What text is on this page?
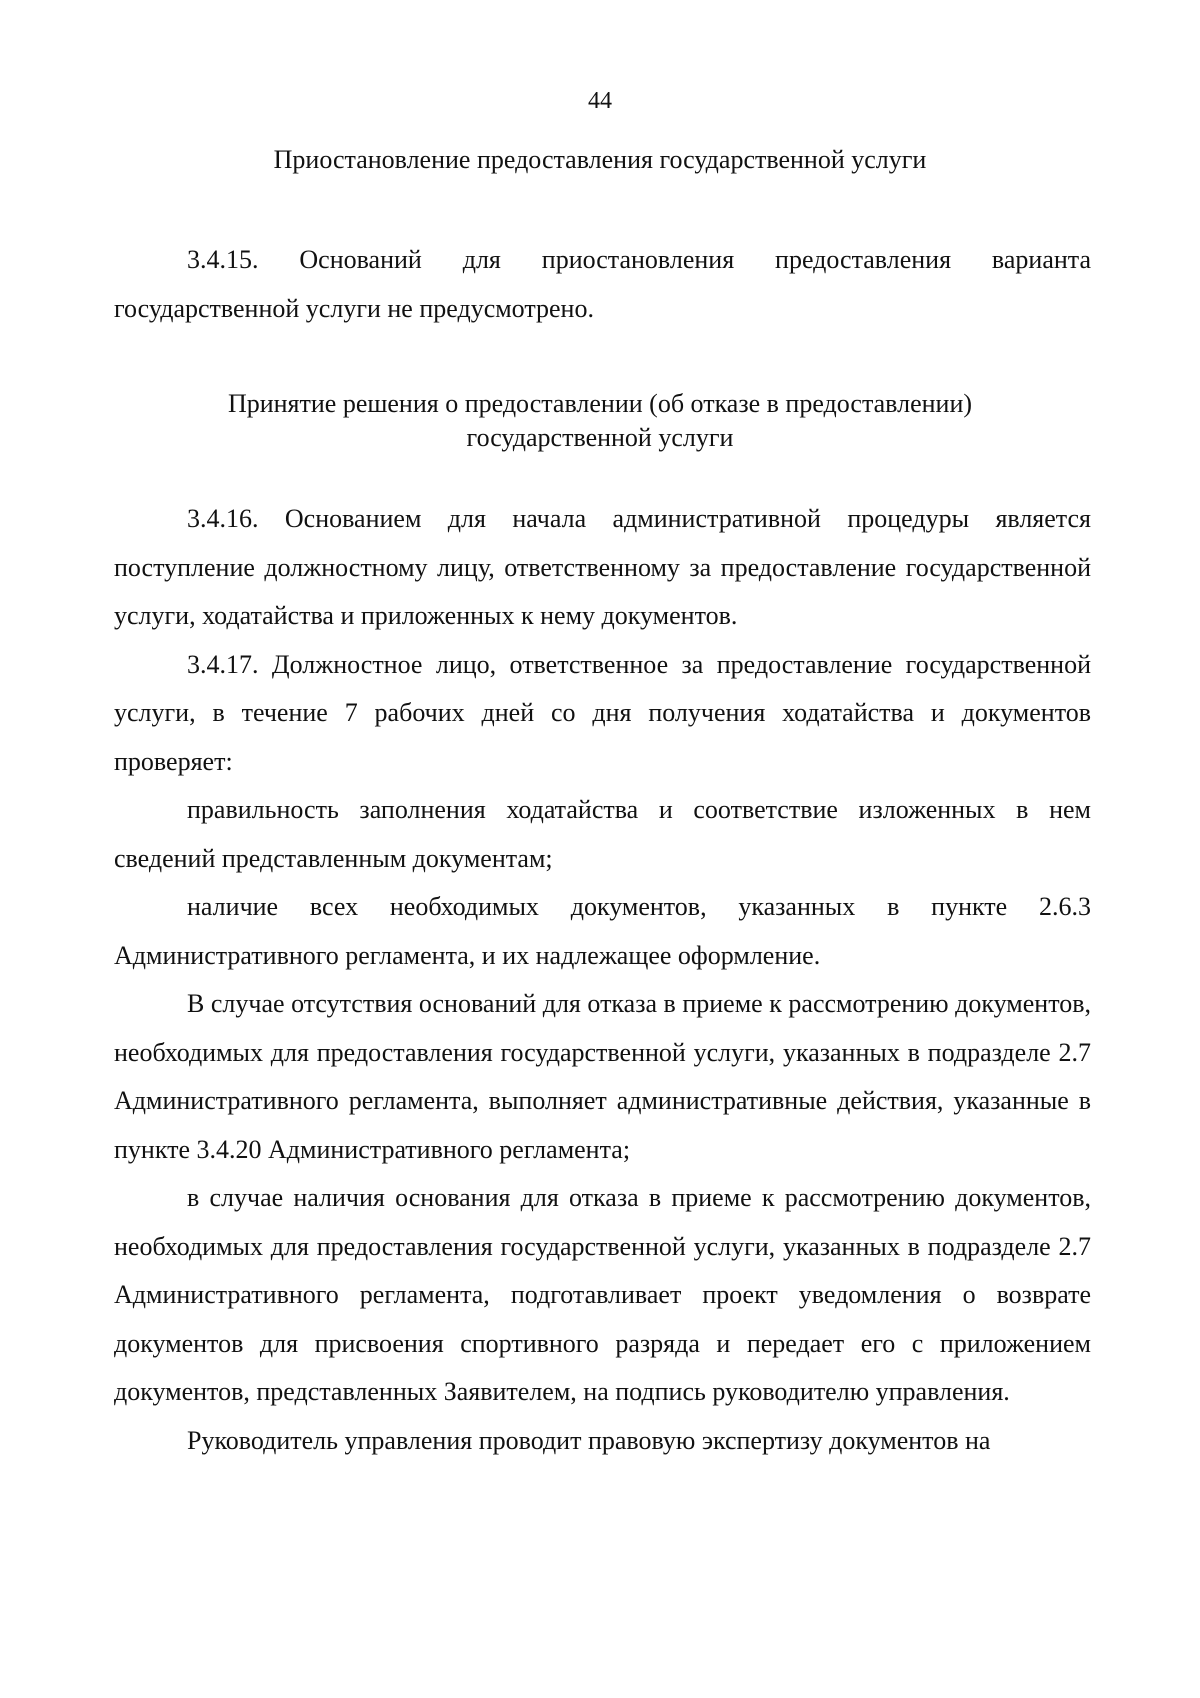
44

Приостановление предоставления государственной услуги

3.4.15. Оснований для приостановления предоставления варианта государственной услуги не предусмотрено.

Принятие решения о предоставлении (об отказе в предоставлении)
государственной услуги

3.4.16. Основанием для начала административной процедуры является поступление должностному лицу, ответственному за предоставление государственной услуги, ходатайства и приложенных к нему документов.

3.4.17. Должностное лицо, ответственное за предоставление государственной услуги, в течение 7 рабочих дней со дня получения ходатайства и документов проверяет:

правильность заполнения ходатайства и соответствие изложенных в нем сведений представленным документам;

наличие всех необходимых документов, указанных в пункте 2.6.3 Административного регламента, и их надлежащее оформление.

В случае отсутствия оснований для отказа в приеме к рассмотрению документов, необходимых для предоставления государственной услуги, указанных в подразделе 2.7 Административного регламента, выполняет административные действия, указанные в пункте 3.4.20 Административного регламента;

в случае наличия основания для отказа в приеме к рассмотрению документов, необходимых для предоставления государственной услуги, указанных в подразделе 2.7 Административного регламента, подготавливает проект уведомления о возврате документов для присвоения спортивного разряда и передает его с приложением документов, представленных Заявителем, на подпись руководителю управления.

Руководитель управления проводит правовую экспертизу документов на
